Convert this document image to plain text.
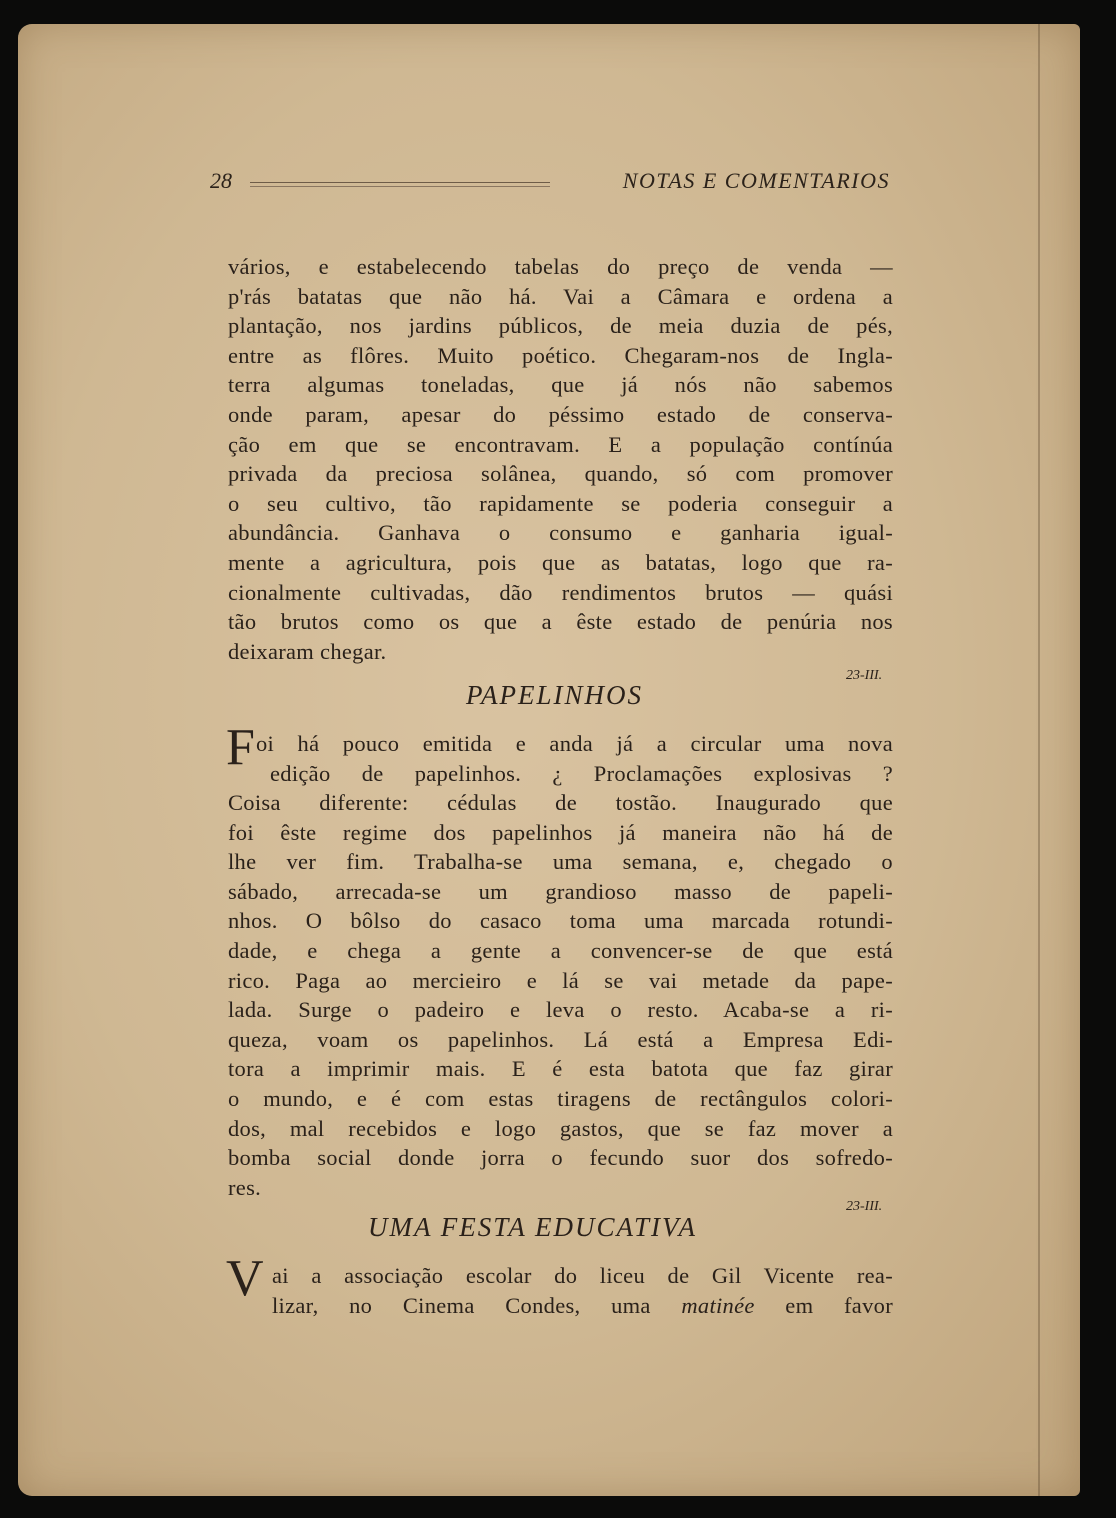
28	NOTAS E COMENTARIOS
vários, e estabelecendo tabelas do preço de venda —
p'rás batatas que não há. Vai a Câmara e ordena a
plantação, nos jardins públicos, de meia duzia de pés,
entre as flôres. Muito poético. Chegaram-nos de Ingla-
terra algumas toneladas, que já nós não sabemos
onde param, apesar do péssimo estado de conserva-
ção em que se encontravam. E a população contínúa
privada da preciosa solânea, quando, só com promover
o seu cultivo, tão rapidamente se poderia conseguir a
abundância. Ganhava o consumo e ganharia igual-
mente a agricultura, pois que as batatas, logo que ra-
cionalmente cultivadas, dão rendimentos brutos — quási
tão brutos como os que a êste estado de penúria nos
deixaram chegar.
23-III.
PAPELINHOS
F oi há pouco emitida e anda já a circular uma nova
edição de papelinhos. ¿ Proclamações explosivas ?
Coisa diferente: cédulas de tostão. Inaugurado que
foi êste regime dos papelinhos já maneira não há de
lhe ver fim. Trabalha-se uma semana, e, chegado o
sábado, arrecada-se um grandioso masso de papeli-
nhos. O bôlso do casaco toma uma marcada rotundi-
dade, e chega a gente a convencer-se de que está
rico. Paga ao mercieiro e lá se vai metade da pape-
lada. Surge o padeiro e leva o resto. Acaba-se a ri-
queza, voam os papelinhos. Lá está a Empresa Edi-
tora a imprimir mais. E é esta batota que faz girar
o mundo, e é com estas tiragens de rectângulos colori-
dos, mal recebidos e logo gastos, que se faz mover a
bomba social donde jorra o fecundo suor dos sofredo-
res.
23-III.
UMA FESTA EDUCATIVA
V ai a associação escolar do liceu de Gil Vicente rea-
lizar, no Cinema Condes, uma matinée em favor
